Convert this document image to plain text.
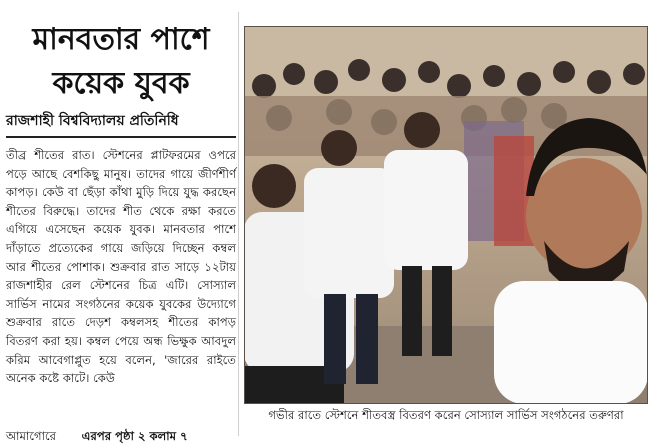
মানবতার পাশে
কয়েক যুবক
রাজশাহী বিশ্ববিদ্যালয় প্রতিনিধি

তীব্র শীতের রাত। স্টেশনের প্লাটফরমের ওপরে পড়ে আছে বেশকিছু মানুষ। তাদের গায়ে জীর্ণশীর্ণ কাপড়। কেউ বা ছেঁড়া কাঁথা মুড়ি দিয়ে যুদ্ধ করছেন শীতের বিরুদ্ধে। তাদের শীত থেকে রক্ষা করতে এগিয়ে এসেছেন কয়েক যুবক। মানবতার পাশে দাঁড়াতে প্রত্যেকের গায়ে জড়িয়ে দিচ্ছেন কম্বল আর শীতের পোশাক। শুক্রবার রাত সাড়ে ১২টায় রাজশাহীর রেল স্টেশনের চিত্র এটি। সোস্যাল সার্ভিস নামের সংগঠনের কয়েক যুবকের উদ্যোগে শুক্রবার রাতে দেড়শ কম্বলসহ শীতের কাপড় বিতরণ করা হয়। কম্বল পেয়ে অন্ধ ভিক্ষুক আবদুল করিম আবেগাপ্লুত হয়ে বলেন, 'জারের রাইতে অনেক কষ্টে কাটে। কেউ

আমাগোরে এরপর পৃষ্ঠা ২ কলাম ৭
গভীর রাতে স্টেশনে শীতবস্ত্র বিতরণ করেন সোস্যাল সার্ভিস সংগঠনের তরুণরা
